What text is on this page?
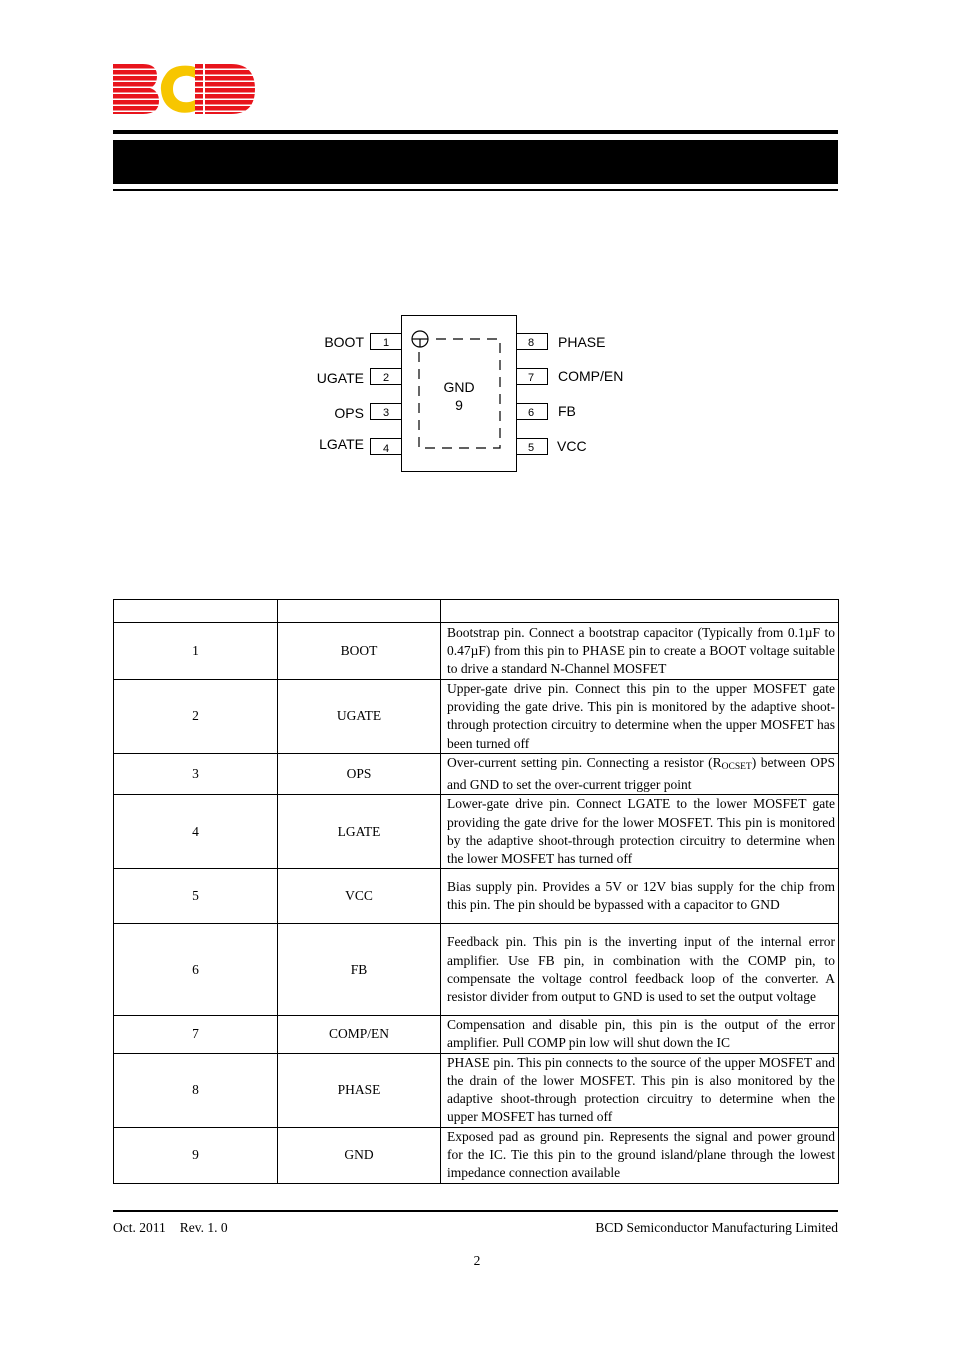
GND
9
1
BOOT
2
UGATE
3
OPS
4
LGATE
8 PHASE
7 COMP/EN
6 FB
5 VCC

1	BOOT	Bootstrap pin. Connect a bootstrap capacitor (Typically from 0.1µF to 0.47µF) from this pin to PHASE pin to create a BOOT voltage suitable to drive a standard N-Channel MOSFET
2	UGATE	Upper-gate drive pin. Connect this pin to the upper MOSFET gate providing the gate drive. This pin is monitored by the adaptive shoot-through protection circuitry to determine when the upper MOSFET has been turned off
3	OPS	Over-current setting pin. Connecting a resistor $(R_{OCSET})$ between OPS and GND to set the over-current trigger point
4	LGATE	Lower-gate drive pin. Connect LGATE to the lower MOSFET gate providing the gate drive for the lower MOSFET. This pin is monitored by the adaptive shoot-through protection circuitry to determine when the lower MOSFET has turned off
5	VCC	Bias supply pin. Provides a 5V or 12V bias supply for the chip from this pin. The pin should be bypassed with a capacitor to GND
6	FB	Feedback pin. This pin is the inverting input of the internal error amplifier. Use FB pin, in combination with the COMP pin, to compensate the voltage control feedback loop of the converter. A resistor divider from output to GND is used to set the output voltage
7	COMP/EN	Compensation and disable pin, this pin is the output of the error amplifier. Pull COMP pin low will shut down the IC
8	PHASE	PHASE pin. This pin connects to the source of the upper MOSFET and the drain of the lower MOSFET. This pin is also monitored by the adaptive shoot-through protection circuitry to determine when the upper MOSFET has turned off
9	GND	Exposed pad as ground pin. Represents the signal and power ground for the IC. Tie this pin to the ground island/plane through the lowest impedance connection available
Oct. 2011 Rev. 1. 0	BCD Semiconductor Manufacturing Limited
2
